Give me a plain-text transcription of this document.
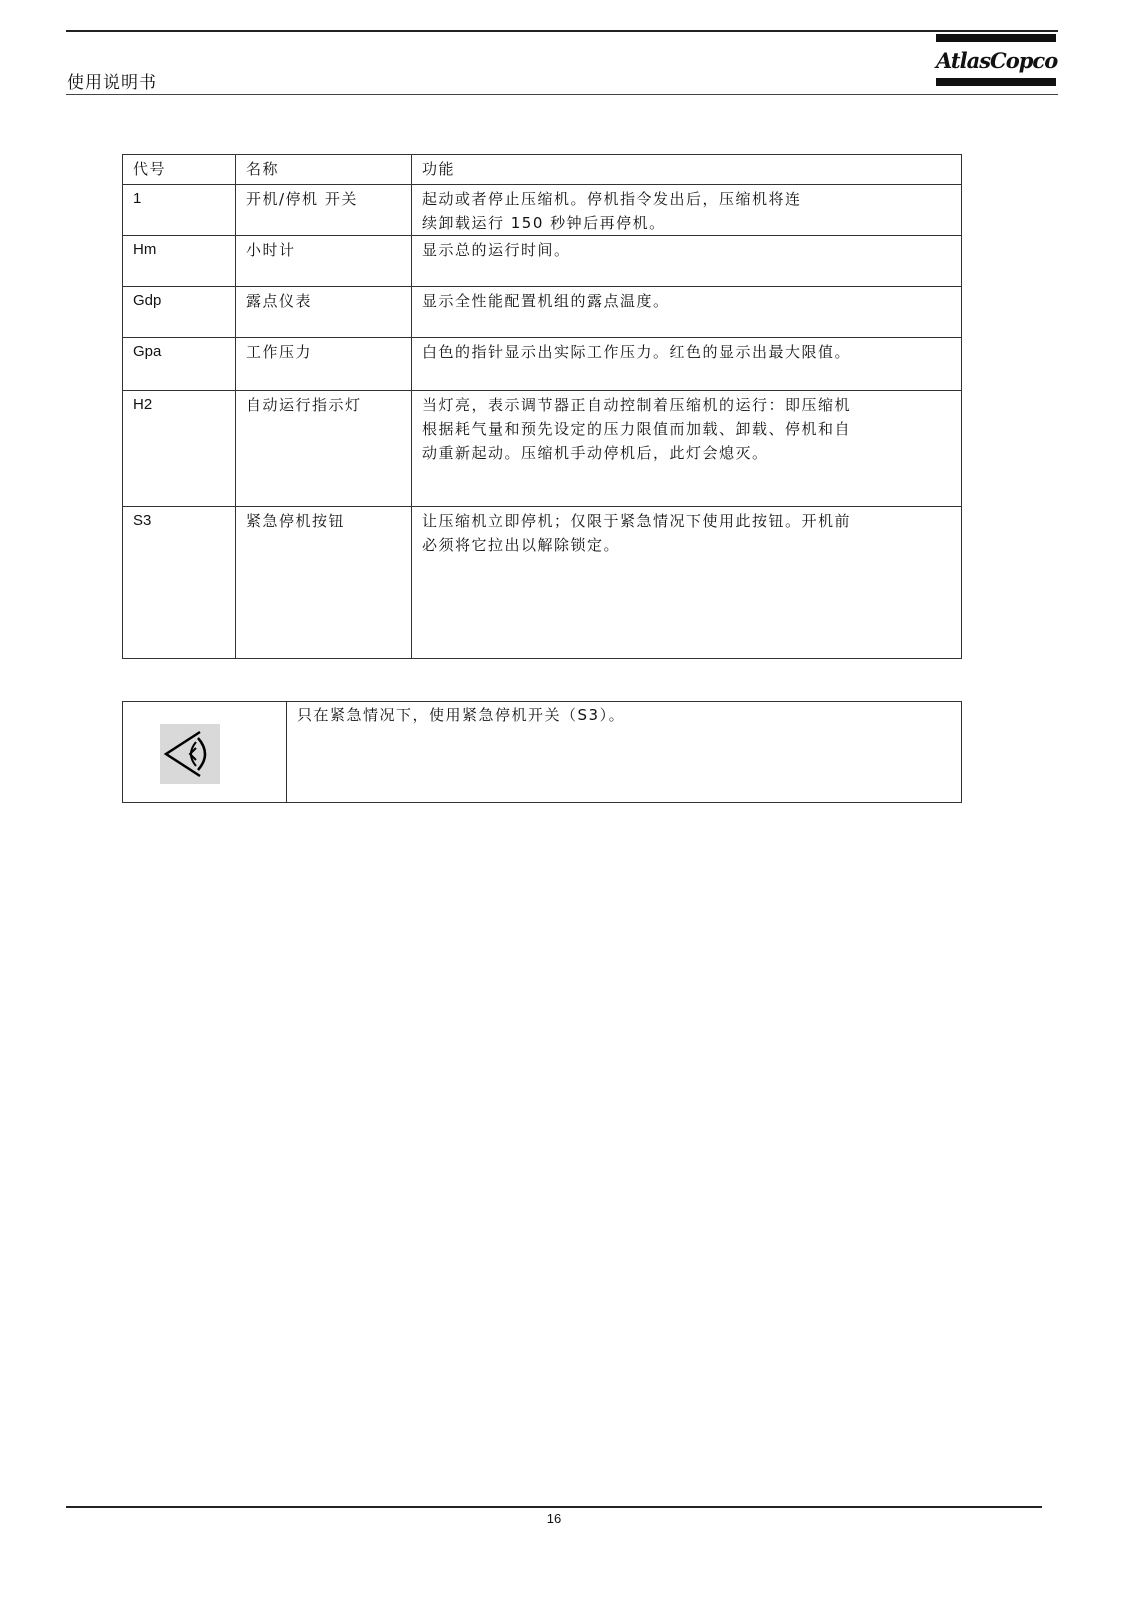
使用说明书
AtlasCopco
代号	名称	功能
1	开机/停机 开关	起动或者停止压缩机。停机指令发出后，压缩机将连
续卸载运行 150 秒钟后再停机。

Hm	小时计	显示总的运行时间。

Gdp	露点仪表	显示全性能配置机组的露点温度。

Gpa	工作压力	白色的指针显示出实际工作压力。红色的显示出最大限值。

H2	自动运行指示灯	当灯亮，表示调节器正自动控制着压缩机的运行：即压缩机
根据耗气量和预先设定的压力限值而加载、卸载、停机和自
动重新起动。压缩机手动停机后，此灯会熄灭。

S3	紧急停机按钮	让压缩机立即停机；仅限于紧急情况下使用此按钮。开机前
必须将它拉出以解除锁定。
	只在紧急情况下，使用紧急停机开关（S3）。
16
